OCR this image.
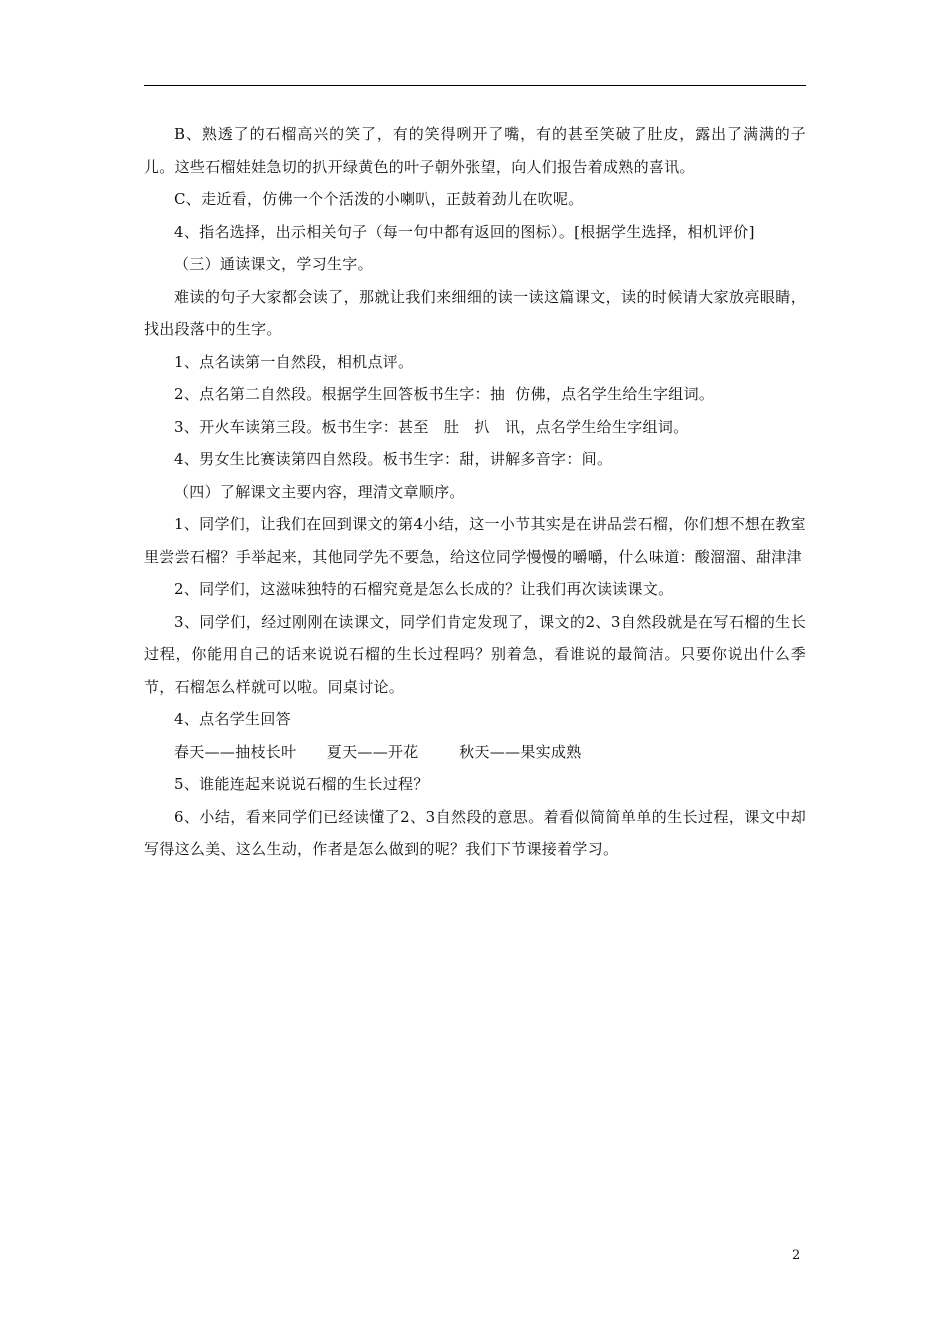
B、熟透了的石榴高兴的笑了，有的笑得咧开了嘴，有的甚至笑破了肚皮，露出了满满的子儿。这些石榴娃娃急切的扒开绿黄色的叶子朝外张望，向人们报告着成熟的喜讯。

C、走近看，仿佛一个个活泼的小喇叭，正鼓着劲儿在吹呢。

4、指名选择，出示相关句子（每一句中都有返回的图标）。[根据学生选择，相机评价]

（三）通读课文，学习生字。

难读的句子大家都会读了，那就让我们来细细的读一读这篇课文，读的时候请大家放亮眼睛，找出段落中的生字。

1、点名读第一自然段，相机点评。

2、点名第二自然段。根据学生回答板书生字：抽  仿佛，点名学生给生字组词。

3、开火车读第三段。板书生字：甚至   肚   扒   讯，点名学生给生字组词。

4、男女生比赛读第四自然段。板书生字：甜，讲解多音字：间。

（四）了解课文主要内容，理清文章顺序。

1、同学们，让我们在回到课文的第4小结，这一小节其实是在讲品尝石榴，你们想不想在教室里尝尝石榴？手举起来，其他同学先不要急，给这位同学慢慢的嚼嚼，什么味道：酸溜溜、甜津津

2、同学们，这滋味独特的石榴究竟是怎么长成的？让我们再次读读课文。

3、同学们，经过刚刚在读课文，同学们肯定发现了，课文的2、3自然段就是在写石榴的生长过程，你能用自己的话来说说石榴的生长过程吗？别着急，看谁说的最简洁。只要你说出什么季节，石榴怎么样就可以啦。同桌讨论。

4、点名学生回答

春天——抽枝长叶      夏天——开花        秋天——果实成熟

5、谁能连起来说说石榴的生长过程？

6、小结，看来同学们已经读懂了2、3自然段的意思。着看似简简单单的生长过程，课文中却写得这么美、这么生动，作者是怎么做到的呢？我们下节课接着学习。

2
